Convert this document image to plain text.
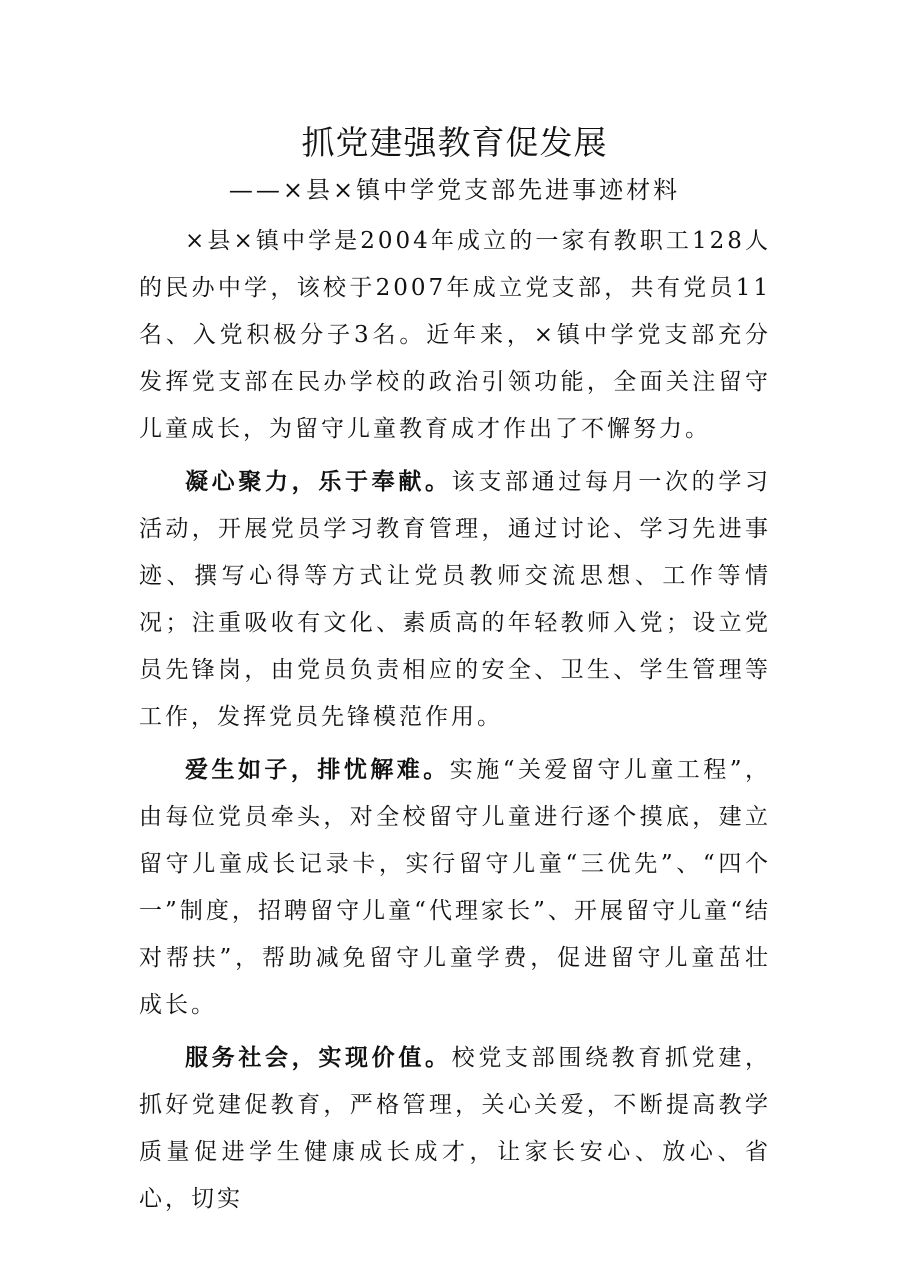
抓党建强教育促发展
——×县×镇中学党支部先进事迹材料

×县×镇中学是2004年成立的一家有教职工128人的民办中学，该校于2007年成立党支部，共有党员11名、入党积极分子3名。近年来，×镇中学党支部充分发挥党支部在民办学校的政治引领功能，全面关注留守儿童成长，为留守儿童教育成才作出了不懈努力。

凝心聚力，乐于奉献。该支部通过每月一次的学习活动，开展党员学习教育管理，通过讨论、学习先进事迹、撰写心得等方式让党员教师交流思想、工作等情况；注重吸收有文化、素质高的年轻教师入党；设立党员先锋岗，由党员负责相应的安全、卫生、学生管理等工作，发挥党员先锋模范作用。

爱生如子，排忧解难。实施“关爱留守儿童工程”，由每位党员牵头，对全校留守儿童进行逐个摸底，建立留守儿童成长记录卡，实行留守儿童“三优先”、“四个一”制度，招聘留守儿童“代理家长”、开展留守儿童“结对帮扶”，帮助减免留守儿童学费，促进留守儿童茁壮成长。

服务社会，实现价值。校党支部围绕教育抓党建，抓好党建促教育，严格管理，关心关爱，不断提高教学质量促进学生健康成长成才，让家长安心、放心、省心，切实
